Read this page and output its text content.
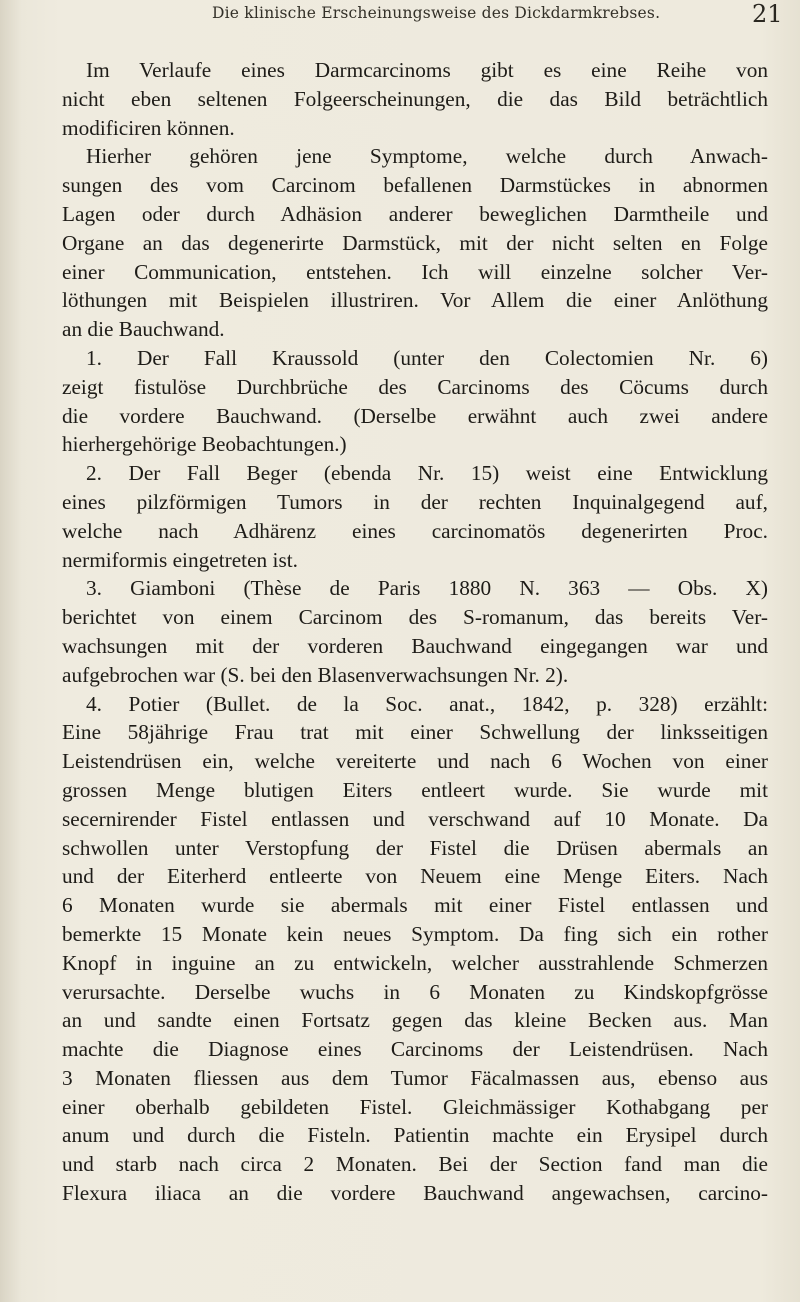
Die klinische Erscheinungsweise des Dickdarmkrebses.	21

Im Verlaufe eines Darmcarcinoms gibt es eine Reihe von

nicht eben seltenen Folgeerscheinungen, die das Bild beträchtlich

modificiren können.

Hierher gehören jene Symptome, welche durch Anwach-

sungen des vom Carcinom befallenen Darmstückes in abnormen

Lagen oder durch Adhäsion anderer beweglichen Darmtheile und

Organe an das degenerirte Darmstück, mit der nicht selten en Folge

einer Communication, entstehen. Ich will einzelne solcher Ver-

löthungen mit Beispielen illustriren. Vor Allem die einer Anlöthung

an die Bauchwand.

1. Der Fall Kraussold (unter den Colectomien Nr. 6)

zeigt fistulöse Durchbrüche des Carcinoms des Cöcums durch

die vordere Bauchwand. (Derselbe erwähnt auch zwei andere

hierhergehörige Beobachtungen.)

2. Der Fall Beger (ebenda Nr. 15) weist eine Entwicklung

eines pilzförmigen Tumors in der rechten Inquinalgegend auf,

welche nach Adhärenz eines carcinomatös degenerirten Proc.

nermiformis eingetreten ist.

3. Giamboni (Thèse de Paris 1880 N. 363 — Obs. X)

berichtet von einem Carcinom des S-romanum, das bereits Ver-

wachsungen mit der vorderen Bauchwand eingegangen war und

aufgebrochen war (S. bei den Blasenverwachsungen Nr. 2).

4. Potier (Bullet. de la Soc. anat., 1842, p. 328) erzählt:

Eine 58jährige Frau trat mit einer Schwellung der linksseitigen

Leistendrüsen ein, welche vereiterte und nach 6 Wochen von einer

grossen Menge blutigen Eiters entleert wurde. Sie wurde mit

secernirender Fistel entlassen und verschwand auf 10 Monate. Da

schwollen unter Verstopfung der Fistel die Drüsen abermals an

und der Eiterherd entleerte von Neuem eine Menge Eiters. Nach

6 Monaten wurde sie abermals mit einer Fistel entlassen und

bemerkte 15 Monate kein neues Symptom. Da fing sich ein rother

Knopf in inguine an zu entwickeln, welcher ausstrahlende Schmerzen

verursachte. Derselbe wuchs in 6 Monaten zu Kindskopfgrösse

an und sandte einen Fortsatz gegen das kleine Becken aus. Man

machte die Diagnose eines Carcinoms der Leistendrüsen. Nach

3 Monaten fliessen aus dem Tumor Fäcalmassen aus, ebenso aus

einer oberhalb gebildeten Fistel. Gleichmässiger Kothabgang per

anum und durch die Fisteln. Patientin machte ein Erysipel durch

und starb nach circa 2 Monaten. Bei der Section fand man die

Flexura iliaca an die vordere Bauchwand angewachsen, carcino-
